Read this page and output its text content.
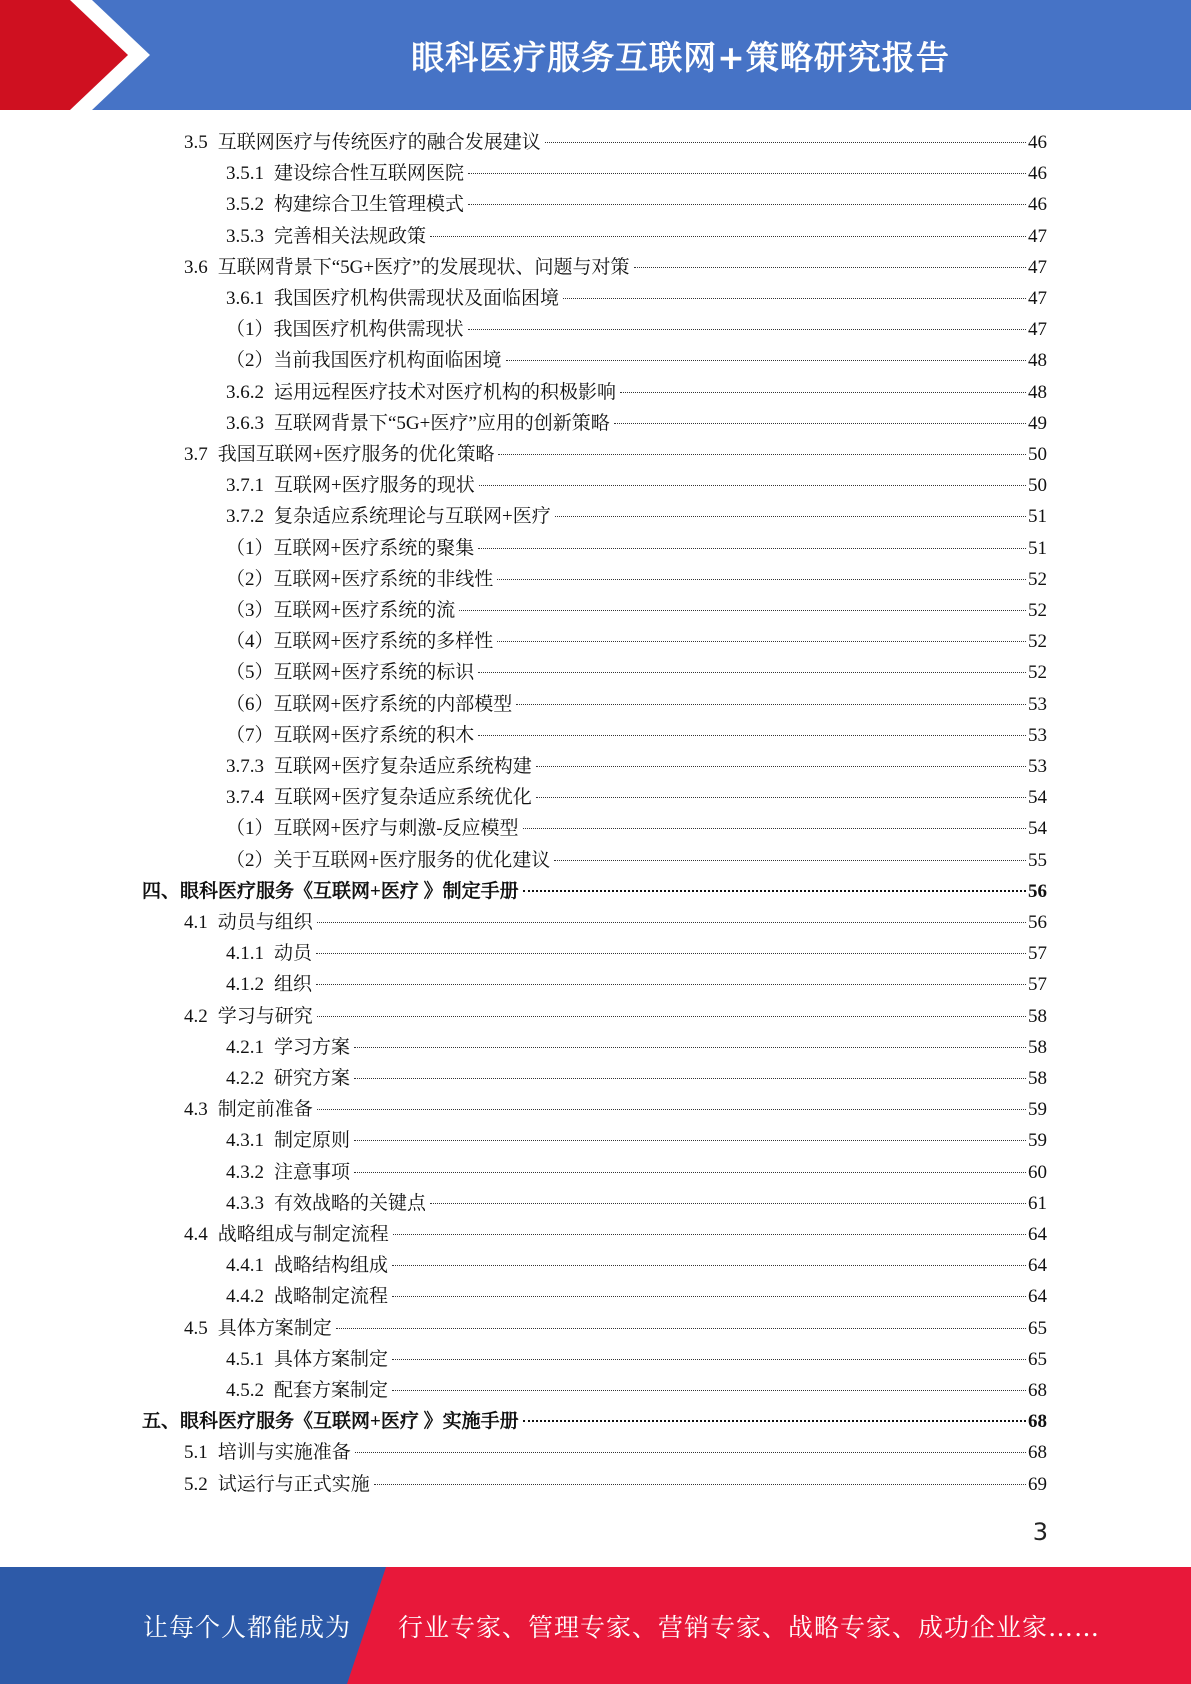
眼科医疗服务互联网+策略研究报告
3.5 互联网医疗与传统医疗的融合发展建议	46
3.5.1 建设综合性互联网医院	46
3.5.2 构建综合卫生管理模式	46
3.5.3 完善相关法规政策	47
3.6 互联网背景下“5G+医疗”的发展现状、问题与对策	47
3.6.1 我国医疗机构供需现状及面临困境	47
（1）我国医疗机构供需现状	47
（2）当前我国医疗机构面临困境	48
3.6.2 运用远程医疗技术对医疗机构的积极影响	48
3.6.3 互联网背景下“5G+医疗”应用的创新策略	49
3.7 我国互联网+医疗服务的优化策略	50
3.7.1 互联网+医疗服务的现状	50
3.7.2 复杂适应系统理论与互联网+医疗	51
（1）互联网+医疗系统的聚集	51
（2）互联网+医疗系统的非线性	52
（3）互联网+医疗系统的流	52
（4）互联网+医疗系统的多样性	52
（5）互联网+医疗系统的标识	52
（6）互联网+医疗系统的内部模型	53
（7）互联网+医疗系统的积木	53
3.7.3 互联网+医疗复杂适应系统构建	53
3.7.4 互联网+医疗复杂适应系统优化	54
（1）互联网+医疗与刺激-反应模型	54
（2）关于互联网+医疗服务的优化建议	55
四、眼科医疗服务《互联网+医疗 》制定手册	56
4.1 动员与组织	56
4.1.1 动员	57
4.1.2 组织	57
4.2 学习与研究	58
4.2.1 学习方案	58
4.2.2 研究方案	58
4.3 制定前准备	59
4.3.1 制定原则	59
4.3.2 注意事项	60
4.3.3 有效战略的关键点	61
4.4 战略组成与制定流程	64
4.4.1 战略结构组成	64
4.4.2 战略制定流程	64
4.5 具体方案制定	65
4.5.1 具体方案制定	65
4.5.2 配套方案制定	68
五、眼科医疗服务《互联网+医疗 》实施手册	68
5.1 培训与实施准备	68
5.2 试运行与正式实施	69
3
让每个人都能成为 行业专家、管理专家、营销专家、战略专家、成功企业家……
